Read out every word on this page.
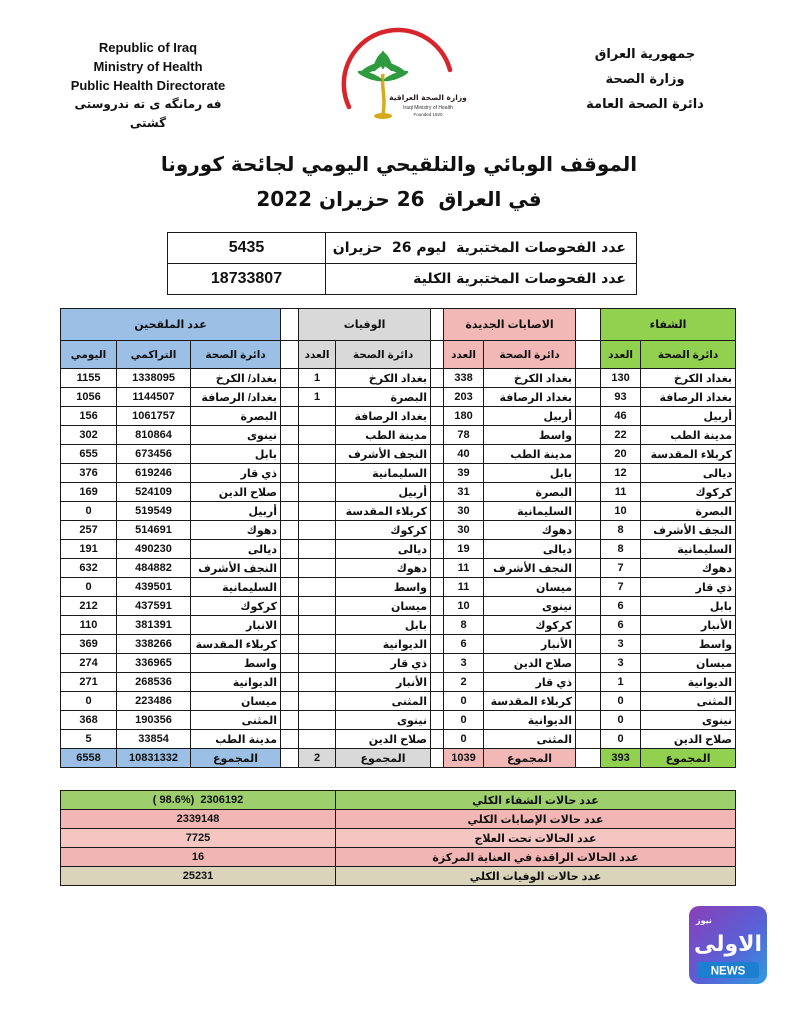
Republic of Iraq
Ministry of Health
Public Health Directorate
فه رمانگه ی ته ندروستی گشتی
جمهورية العراق
وزارة الصحة
دائرة الصحة العامة
وزارة الصحة العراقية
Iraqi Ministry of Health
Founded 1920
الموقف الوبائي والتلقيحي اليومي لجائحة كورونا
في العراق  26 حزيران 2022
عدد الفحوصات المختبرية  ليوم 26  حزيران	5435
عدد الفحوصات المختبرية الكلية	18733807
الشفاء			الاصابات الجديدة			الوفيات			عدد الملقحين		
دائرة الصحة	العدد		دائرة الصحة	العدد		دائرة الصحة	العدد		دائرة الصحة	التراكمي	اليومي
بغداد الكرخ	130		بغداد الكرخ	338		بغداد الكرخ	1		بغداد/ الكرخ	1338095	1155
بغداد الرصافة	93		بغداد الرصافة	203		البصرة	1		بغداد/ الرصافة	1144507	1056
أربيل	46		أربيل	180		بغداد الرصافة			البصرة	1061757	156
مدينة الطب	22		واسط	78		مدينة الطب			نينوى	810864	302
كربلاء المقدسة	20		مدينة الطب	40		النجف الأشرف			بابل	673456	655
ديالى	12		بابل	39		السليمانية			ذي قار	619246	376
كركوك	11		البصرة	31		أربيل			صلاح الدين	524109	169
البصرة	10		السليمانية	30		كربلاء المقدسة			أربيل	519549	0
النجف الأشرف	8		دهوك	30		كركوك			دهوك	514691	257
السليمانية	8		ديالى	19		ديالى			ديالى	490230	191
دهوك	7		النجف الأشرف	11		دهوك			النجف الأشرف	484882	632
ذي قار	7		ميسان	11		واسط			السليمانية	439501	0
بابل	6		نينوى	10		ميسان			كركوك	437591	212
الأنبار	6		كركوك	8		بابل			الانبار	381391	110
واسط	3		الأنبار	6		الديوانية			كربلاء المقدسة	338266	369
ميسان	3		صلاح الدين	3		ذي قار			واسط	336965	274
الديوانية	1		ذي قار	2		الأنبار			الديوانية	268536	271
المثنى	0		كربلاء المقدسة	0		المثنى			ميسان	223486	0
نينوى	0		الديوانية	0		نينوى			المثنى	190356	368
صلاح الدين	0		المثنى	0		صلاح الدين			مدينة الطب	33854	5
المجموع	393		المجموع	1039		المجموع	2		المجموع	10831332	6558
عدد حالات الشفاء الكلي	( 98.6%)  2306192
عدد حالات الإصابات الكلي	2339148
عدد الحالات تحت العلاج	7725
عدد الحالات الراقدة في العناية المركزة	16
عدد حالات الوفيات الكلي	25231
الاولى
نيوز
NEWS
